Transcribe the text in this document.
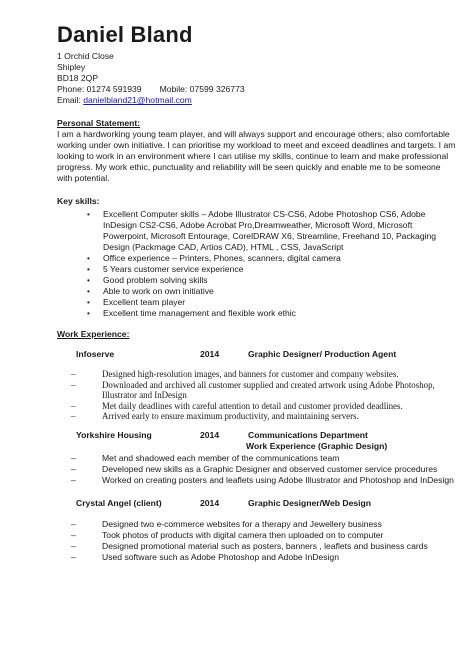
Daniel Bland
1 Orchid Close
Shipley
BD18 2QP
Phone: 01274 591939 Mobile: 07599 326773
Email: danielbland21@hotmail.com
Personal Statement:

I am a hardworking young team player, and will always support and encourage others; also comfortable working under own initiative. I can prioritise my workload to meet and exceed deadlines and targets. I am looking to work in an environment where I can utilise my skills, continue to learn and make professional progress. My work ethic, punctuality and reliability will be seen quickly and enable me to be someone with potential.

Key skills:
• Excellent Computer skills – Adobe Illustrator CS-CS6, Adobe Photoshop CS6, Adobe InDesign CS2-CS6, Adobe Acrobat Pro,Dreamweather, Microsoft Word, Microsoft Powerpoint, Microsoft Entourage, CorelDRAW X6, Streamline, Freehand 10, Packaging Design (Packmage CAD, Artios CAD), HTML , CSS, JavaScript
• Office experience – Printers, Phones, scanners, digital camera
• 5 Years customer service experience
• Good problem solving skills
• Able to work on own initiative
• Excellent team player
• Excellent time management and flexible work ethic
Work Experience:
Infoserve	2014	Graphic Designer/ Production Agent
–	Designed high-resolution images, and banners for customer and company websites.
–	Downloaded and archived all customer supplied and created artwork using Adobe Photoshop, Illustrator and InDesign
–	Met daily deadlines with careful attention to detail and customer provided deadlines.
–	Arrived early to ensure maximum productivity, and maintaining servers.
Yorkshire Housing	2014	Communications Department
Work Experience (Graphic Design)
–	Met and shadowed each member of the communications team
–	Developed new skills as a Graphic Designer and observed customer service procedures
–	Worked on creating posters and leaflets using Adobe Illustrator and Photoshop and InDesign
Crystal Angel (client)	2014	Graphic Designer/Web Design
–	Designed two e-commerce websites for a therapy and Jewellery business
–	Took photos of products with digital camera then uploaded on to computer
–	Designed promotional material such as posters, banners , leaflets and business cards
–	Used software such as Adobe Photoshop and Adobe InDesign
